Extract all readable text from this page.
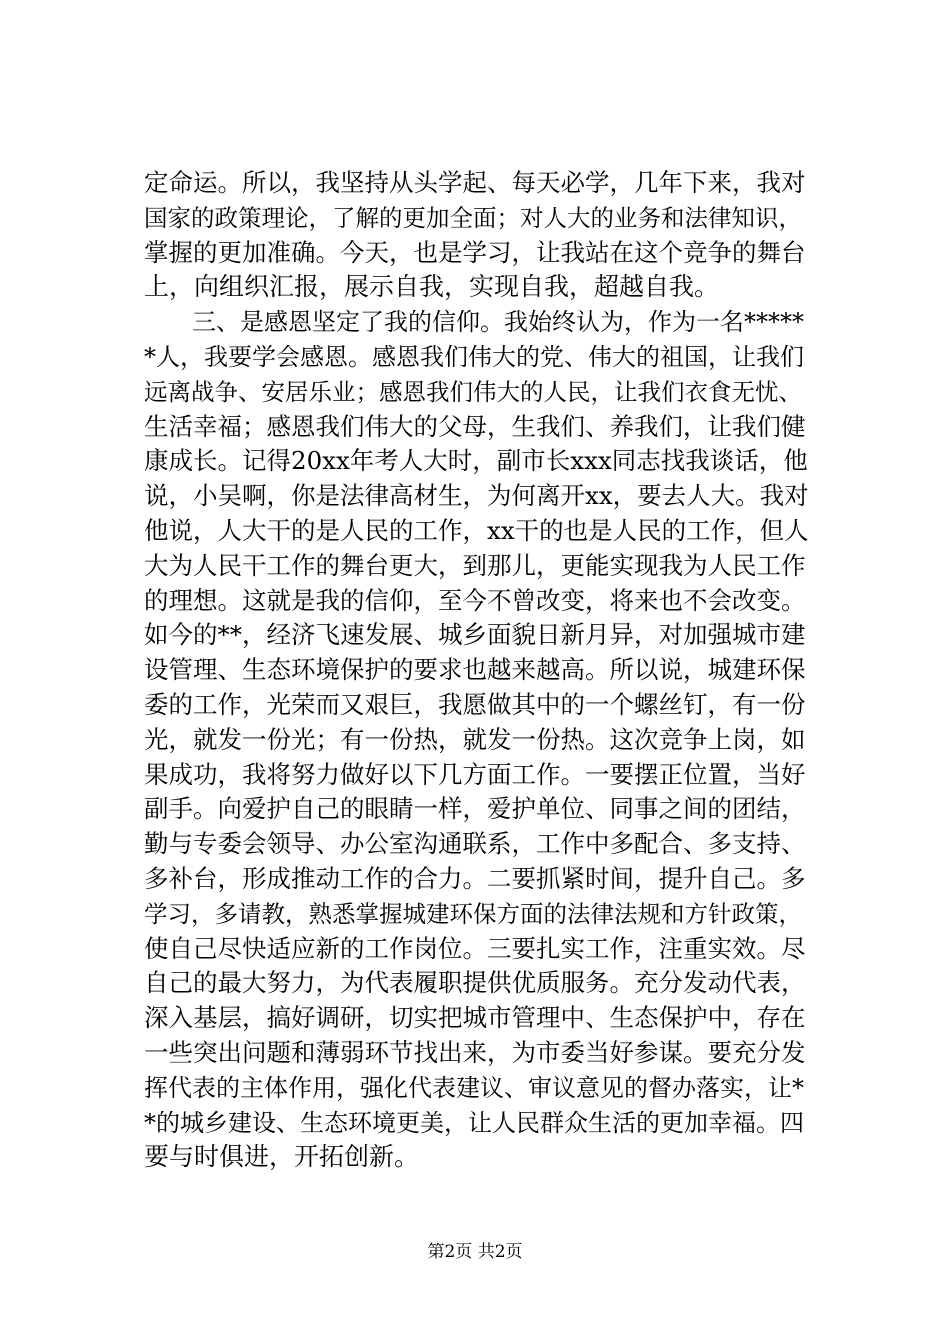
定命运。所以，我坚持从头学起、每天必学，几年下来，我对
国家的政策理论，了解的更加全面；对人大的业务和法律知识，
掌握的更加准确。今天，也是学习，让我站在这个竞争的舞台
上，向组织汇报，展示自我，实现自我，超越自我。
　　三、是感恩坚定了我的信仰。我始终认为，作为一名*****
*人，我要学会感恩。感恩我们伟大的党、伟大的祖国，让我们
远离战争、安居乐业；感恩我们伟大的人民，让我们衣食无忧、
生活幸福；感恩我们伟大的父母，生我们、养我们，让我们健
康成长。记得20xx年考人大时，副市长xxx同志找我谈话，他
说，小吴啊，你是法律高材生，为何离开xx，要去人大。我对
他说，人大干的是人民的工作，xx干的也是人民的工作，但人
大为人民干工作的舞台更大，到那儿，更能实现我为人民工作
的理想。这就是我的信仰，至今不曾改变，将来也不会改变。
如今的**，经济飞速发展、城乡面貌日新月异，对加强城市建
设管理、生态环境保护的要求也越来越高。所以说，城建环保
委的工作，光荣而又艰巨，我愿做其中的一个螺丝钉，有一份
光，就发一份光；有一份热，就发一份热。这次竞争上岗，如
果成功，我将努力做好以下几方面工作。一要摆正位置，当好
副手。向爱护自己的眼睛一样，爱护单位、同事之间的团结，
勤与专委会领导、办公室沟通联系，工作中多配合、多支持、
多补台，形成推动工作的合力。二要抓紧时间，提升自己。多
学习，多请教，熟悉掌握城建环保方面的法律法规和方针政策，
使自己尽快适应新的工作岗位。三要扎实工作，注重实效。尽
自己的最大努力，为代表履职提供优质服务。充分发动代表，
深入基层，搞好调研，切实把城市管理中、生态保护中，存在
一些突出问题和薄弱环节找出来，为市委当好参谋。要充分发
挥代表的主体作用，强化代表建议、审议意见的督办落实，让*
*的城乡建设、生态环境更美，让人民群众生活的更加幸福。四
要与时俱进，开拓创新。
第2页 共2页
